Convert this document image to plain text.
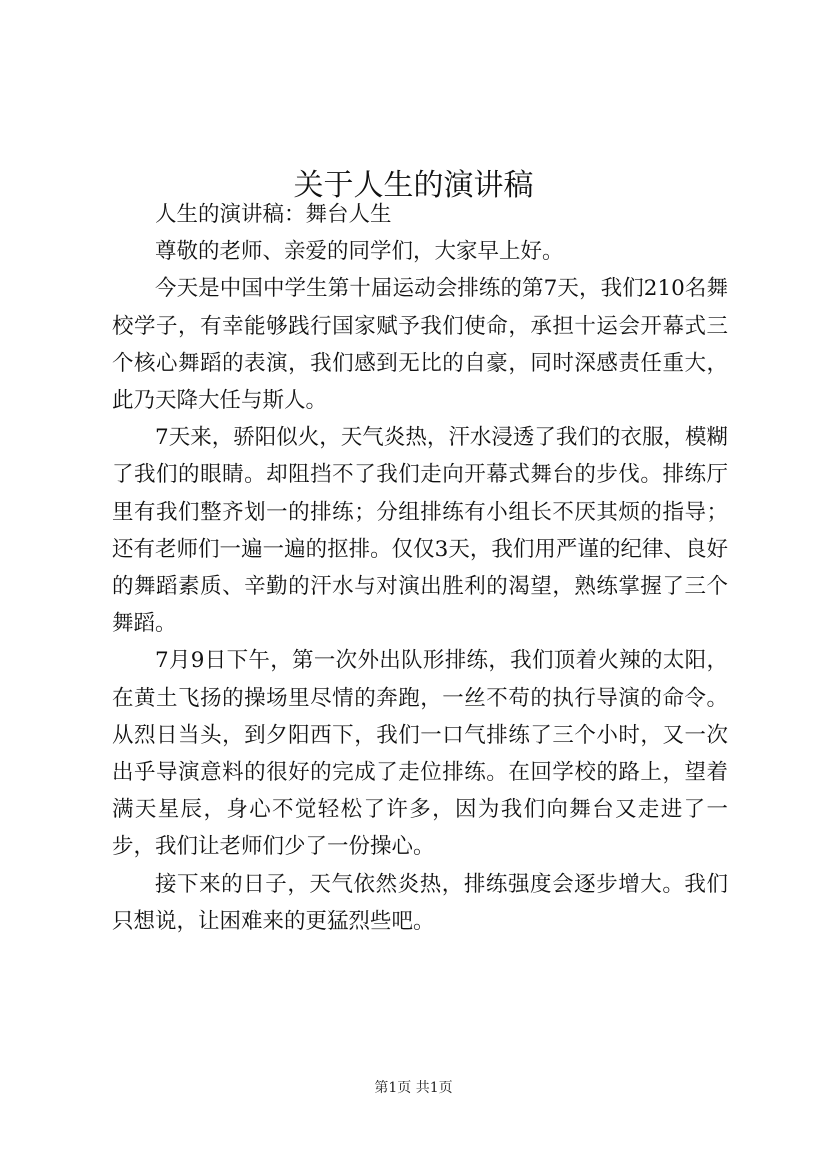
关于人生的演讲稿

人生的演讲稿：舞台人生

尊敬的老师、亲爱的同学们，大家早上好。

今天是中国中学生第十届运动会排练的第7天，我们210名舞校学子，有幸能够践行国家赋予我们使命，承担十运会开幕式三个核心舞蹈的表演，我们感到无比的自豪，同时深感责任重大，此乃天降大任与斯人。

7天来，骄阳似火，天气炎热，汗水浸透了我们的衣服，模糊了我们的眼睛。却阻挡不了我们走向开幕式舞台的步伐。排练厅里有我们整齐划一的排练；分组排练有小组长不厌其烦的指导；还有老师们一遍一遍的抠排。仅仅3天，我们用严谨的纪律、良好的舞蹈素质、辛勤的汗水与对演出胜利的渴望，熟练掌握了三个舞蹈。

7月9日下午，第一次外出队形排练，我们顶着火辣的太阳，在黄土飞扬的操场里尽情的奔跑，一丝不苟的执行导演的命令。从烈日当头，到夕阳西下，我们一口气排练了三个小时，又一次出乎导演意料的很好的完成了走位排练。在回学校的路上，望着满天星辰，身心不觉轻松了许多，因为我们向舞台又走进了一步，我们让老师们少了一份操心。

接下来的日子，天气依然炎热，排练强度会逐步增大。我们只想说，让困难来的更猛烈些吧。

第1页 共1页
